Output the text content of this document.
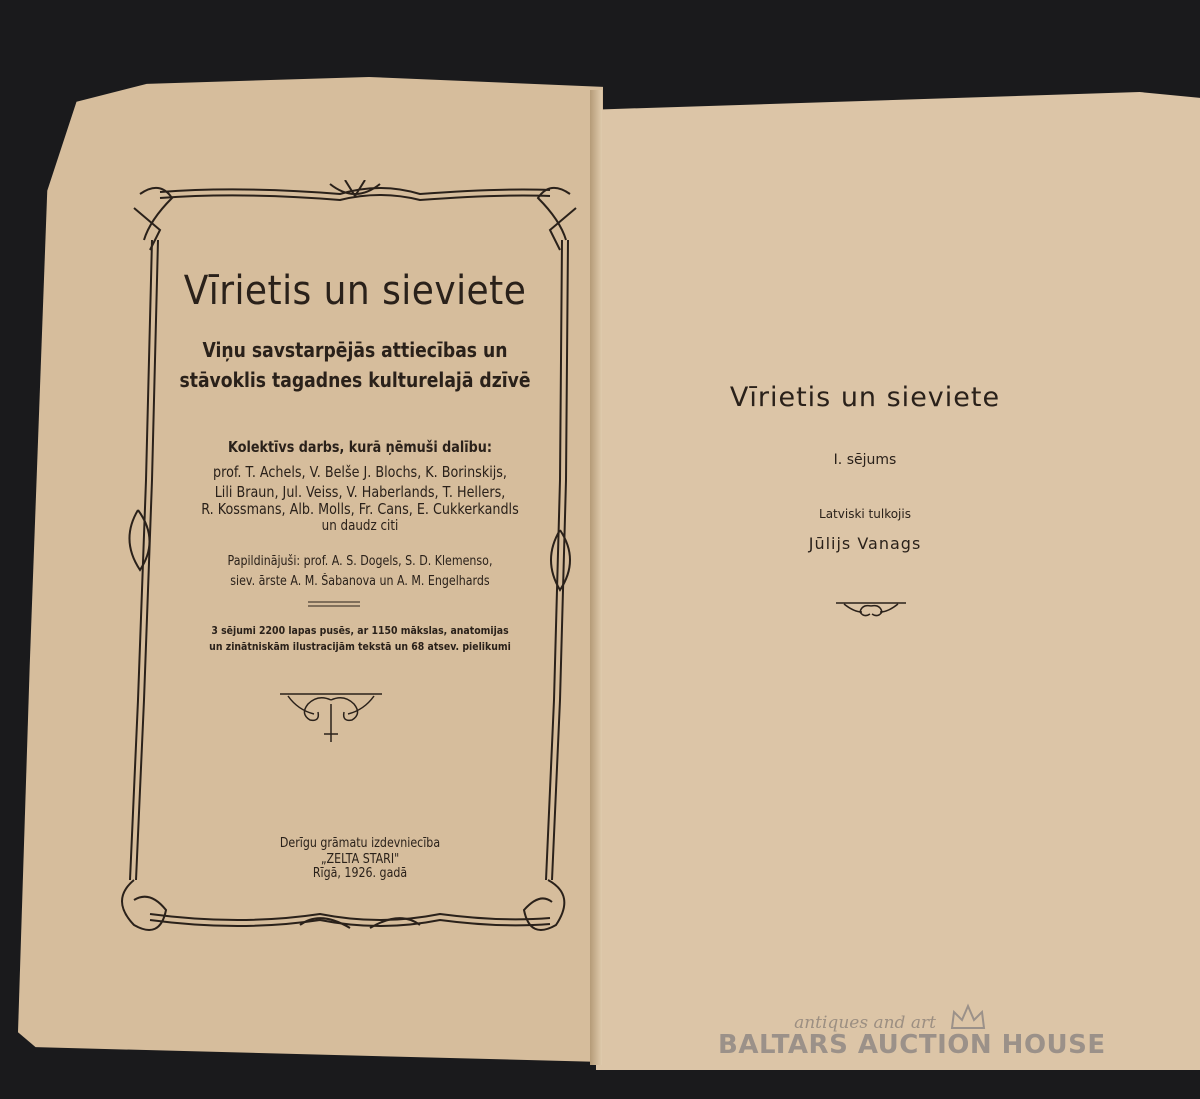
Vīrietis un sieviete
Viņu savstarpējās attiecības un
stāvoklis tagadnes kulturelajā dzīvē
Kolektīvs darbs, kurā ņēmuši dalību:
prof. T. Achels, V. Belše J. Blochs, K. Borinskijs,
Lili Braun, Jul. Veiss, V. Haberlands, T. Hellers,
R. Kossmans, Alb. Molls, Fr. Cans, E. Cukkerkandls
un daudz citi
Papildinājuši: prof. A. S. Dogels, S. D. Klemenso,
siev. ārste A. M. Šabanova un A. M. Engelhards
3 sējumi 2200 lapas pusēs, ar 1150 mākslas, anatomijas
un zinātniskām ilustracijām tekstā un 68 atsev. pielikumi
Derīgu grāmatu izdevniecība
„ZELTA STARI"
Rīgā, 1926. gadā
Vīrietis un sieviete
I. sējums
Latviski tulkojis
Jūlijs Vanags
antiques and art
BALTARS AUCTION HOUSE
